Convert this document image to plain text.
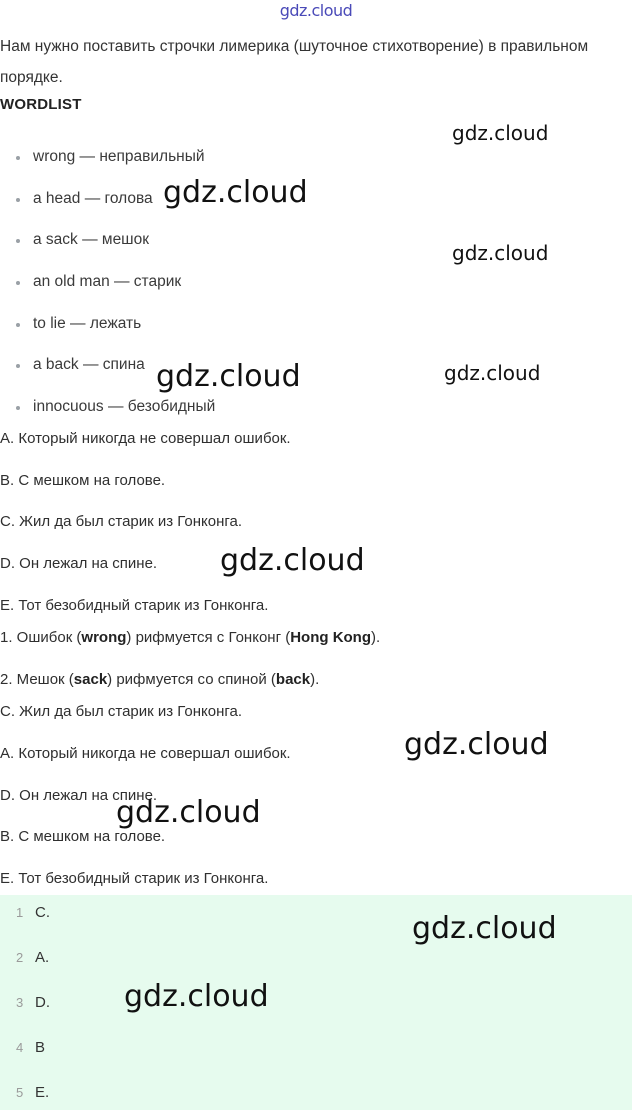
gdz.cloud

Нам нужно поставить строчки лимерика (шуточное стихотворение) в правильном порядке.

WORDLIST

wrong — неправильный
a head — голова
a sack — мешок
an old man — старик
to lie — лежать
a back — спина
innocuous — безобидный
A. Который никогда не совершал ошибок.
B. С мешком на голове.
C. Жил да был старик из Гонконга.
D. Он лежал на спине.
E. Тот безобидный старик из Гонконга.
1. Ошибок (wrong) рифмуется с Гонконг (Hong Kong).
2. Мешок (sack) рифмуется со спиной (back).
C. Жил да был старик из Гонконга.
A. Который никогда не совершал ошибок.
D. Он лежал на спине.
B. С мешком на голове.
E. Тот безобидный старик из Гонконга.
1 C.
2 A.
3 D.
4 B
5 E.
gdz.cloud
gdz.cloud
gdz.cloud
gdz.cloud	gdz.cloud
gdz.cloud
gdz.cloud
gdz.cloud
gdz.cloud
gdz.cloud
